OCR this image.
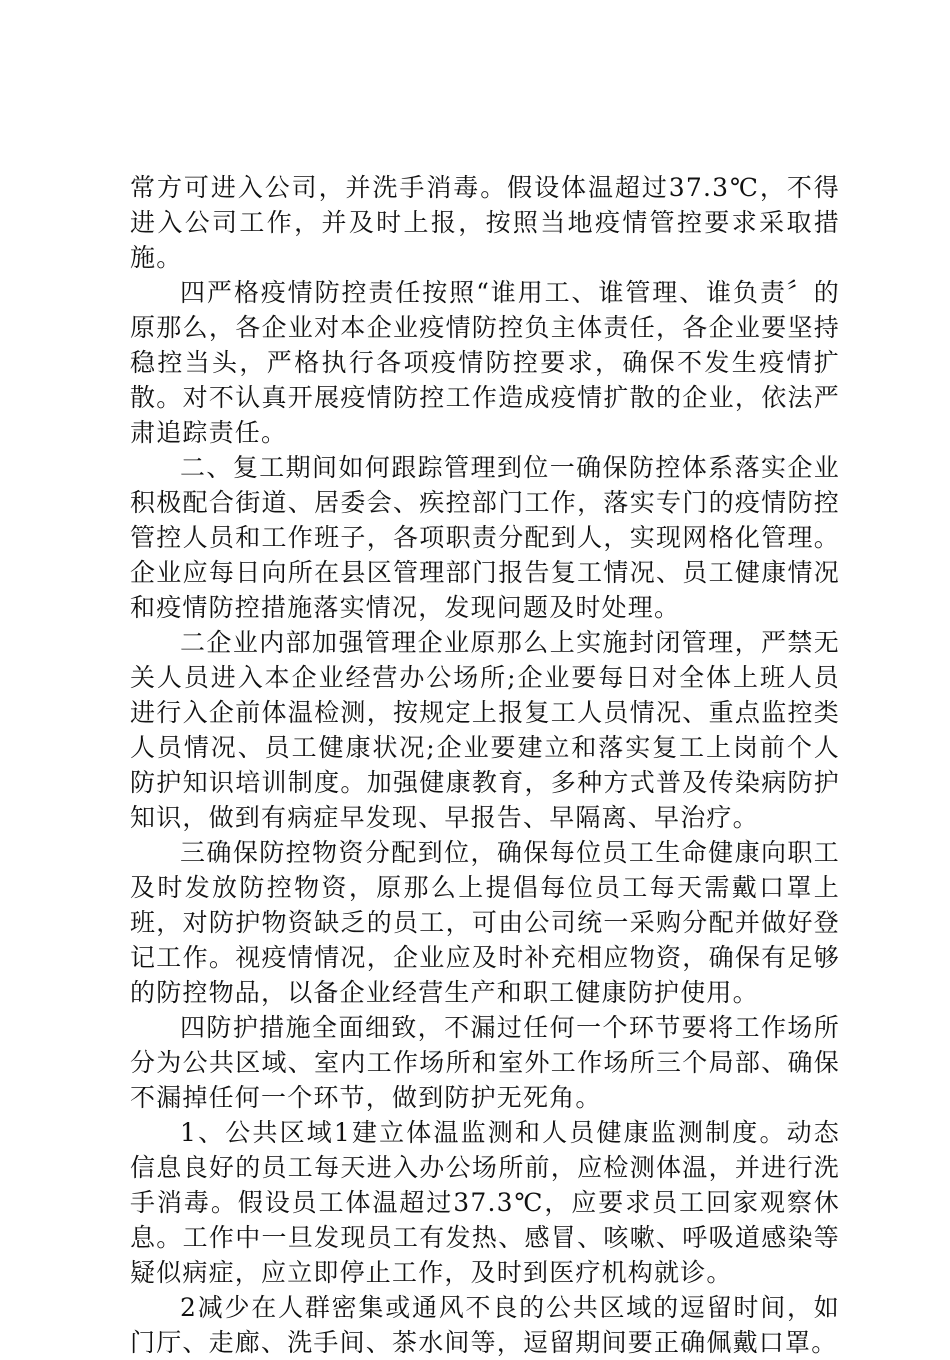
常方可进入公司，并洗手消毒。假设体温超过37.3℃，不得进入公司工作，并及时上报，按照当地疫情管控要求采取措施。

四严格疫情防控责任按照“谁用工、谁管理、谁负责〞的原那么，各企业对本企业疫情防控负主体责任，各企业要坚持稳控当头，严格执行各项疫情防控要求，确保不发生疫情扩散。对不认真开展疫情防控工作造成疫情扩散的企业，依法严肃追踪责任。

二、复工期间如何跟踪管理到位一确保防控体系落实企业积极配合街道、居委会、疾控部门工作，落实专门的疫情防控管控人员和工作班子，各项职责分配到人，实现网格化管理。企业应每日向所在县区管理部门报告复工情况、员工健康情况和疫情防控措施落实情况，发现问题及时处理。

二企业内部加强管理企业原那么上实施封闭管理，严禁无关人员进入本企业经营办公场所;企业要每日对全体上班人员进行入企前体温检测，按规定上报复工人员情况、重点监控类人员情况、员工健康状况;企业要建立和落实复工上岗前个人防护知识培训制度。加强健康教育，多种方式普及传染病防护知识，做到有病症早发现、早报告、早隔离、早治疗。

三确保防控物资分配到位，确保每位员工生命健康向职工及时发放防控物资，原那么上提倡每位员工每天需戴口罩上班，对防护物资缺乏的员工，可由公司统一采购分配并做好登记工作。视疫情情况，企业应及时补充相应物资，确保有足够的防控物品，以备企业经营生产和职工健康防护使用。

四防护措施全面细致，不漏过任何一个环节要将工作场所分为公共区域、室内工作场所和室外工作场所三个局部、确保不漏掉任何一个环节，做到防护无死角。

1、公共区域1建立体温监测和人员健康监测制度。动态信息良好的员工每天进入办公场所前，应检测体温，并进行洗手消毒。假设员工体温超过37.3℃，应要求员工回家观察休息。工作中一旦发现员工有发热、感冒、咳嗽、呼吸道感染等疑似病症，应立即停止工作，及时到医疗机构就诊。

2减少在人群密集或通风不良的公共区域的逗留时间，如门厅、走廊、洗手间、茶水间等，逗留期间要正确佩戴口罩。
